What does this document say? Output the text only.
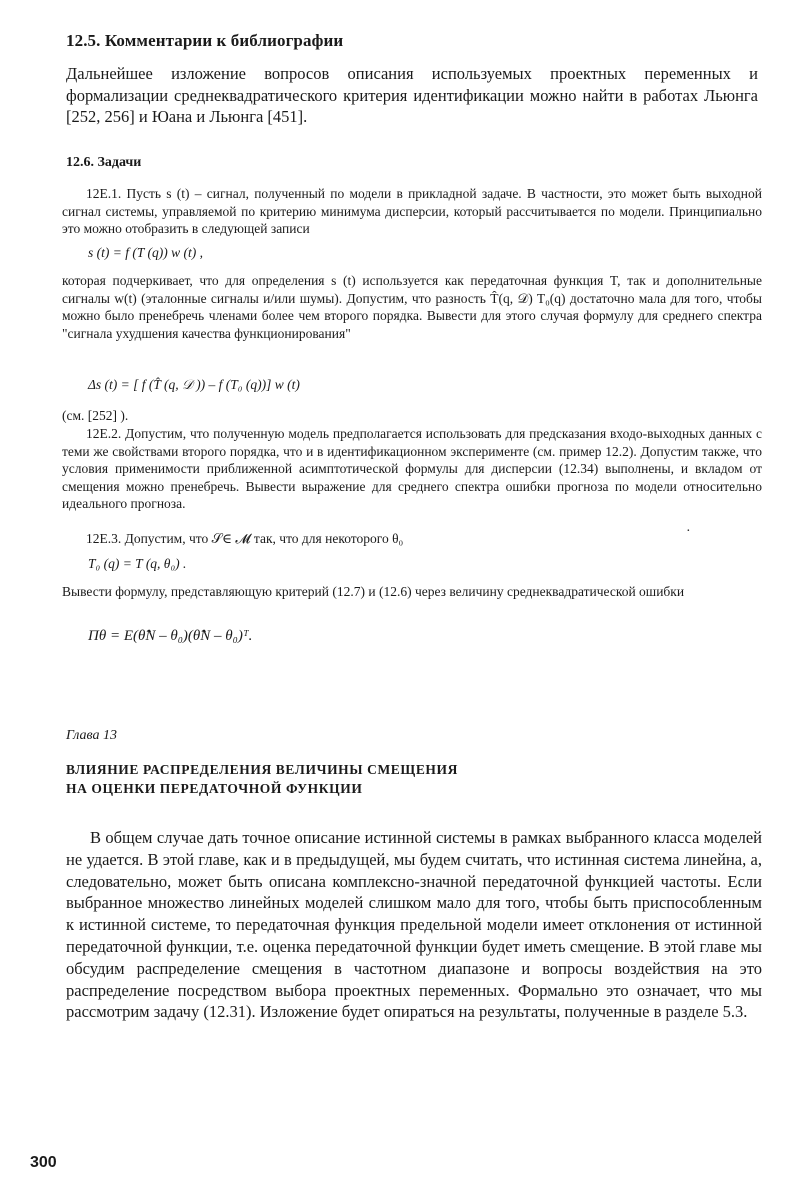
12.5. Комментарии к библиографии
Дальнейшее изложение вопросов описания используемых проектных переменных и формализации среднеквадратического критерия идентификации можно найти в работах Льюнга [252, 256] и Юана и Льюнга [451].
12.6. Задачи

12Е.1. Пусть s (t) – сигнал, полученный по модели в прикладной задаче. В частности, это может быть выходной сигнал системы, управляемой по критерию минимума дисперсии, который рассчитывается по модели. Принципиально это можно отобразить в следующей записи

s (t) = f (T (q)) w (t) ,

которая подчеркивает, что для определения s (t) используется как передаточная функция T, так и дополнительные сигналы w(t) (эталонные сигналы и/или шумы). Допустим, что разность T̂(q, 𝒟) T₀(q) достаточно мала для того, чтобы можно было пренебречь членами более чем второго порядка. Вывести для этого случая формулу для среднего спектра "сигнала ухудшения качества функционирования"

Δs (t) = [ f (T̂ (q, 𝒟 )) – f (T₀ (q))] w (t)

(см. [252] ).

12Е.2. Допустим, что полученную модель предполагается использовать для предсказания входо-выходных данных с теми же свойствами второго порядка, что и в идентификационном эксперименте (см. пример 12.2). Допустим также, что условия применимости приближенной асимптотической формулы для дисперсии (12.34) выполнены, и вкладом от смещения можно пренебречь. Вывести выражение для среднего спектра ошибки прогноза по модели относительно идеального прогноза.

·

12Е.3. Допустим, что 𝒮∈ 𝓜 так, что для некоторого θ₀

T₀ (q) = T (q, θ₀) .

Вывести формулу, представляющую критерий (12.7) и (12.6) через величину среднеквадратической ошибки

Πθ = E(θ̂N – θ₀)(θ̂N – θ₀)ᵀ.
Глава 13
ВЛИЯНИЕ РАСПРЕДЕЛЕНИЯ ВЕЛИЧИНЫ СМЕЩЕНИЯ
НА ОЦЕНКИ ПЕРЕДАТОЧНОЙ ФУНКЦИИ
В общем случае дать точное описание истинной системы в рамках выбранного класса моделей не удается. В этой главе, как и в предыдущей, мы будем считать, что истинная система линейна, а, следовательно, может быть описана комплексно-значной передаточной функцией частоты. Если выбранное множество линейных моделей слишком мало для того, чтобы быть приспособленным к истинной системе, то передаточная функция предельной модели имеет отклонения от истинной передаточной функции, т.е. оценка передаточной функции будет иметь смещение. В этой главе мы обсудим распределение смещения в частотном диапазоне и вопросы воздействия на это распределение посредством выбора проектных переменных. Формально это означает, что мы рассмотрим задачу (12.31). Изложение будет опираться на результаты, полученные в разделе 5.3.
300
